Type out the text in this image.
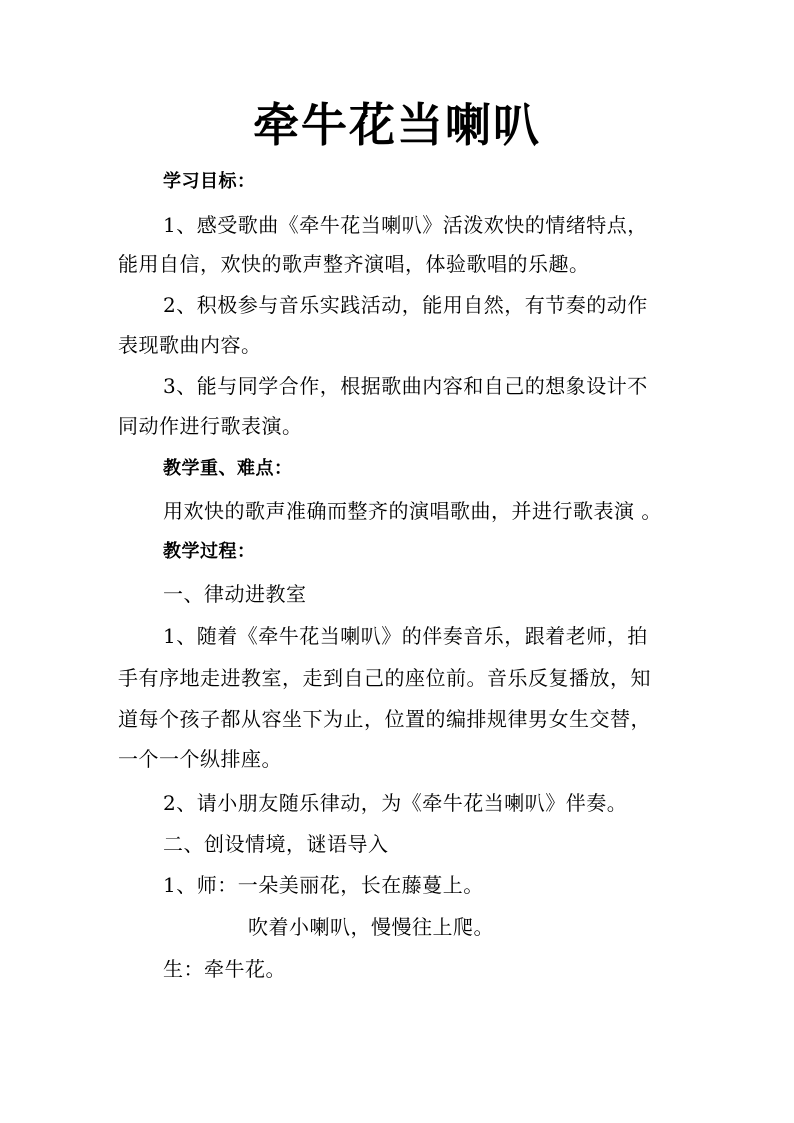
牵牛花当喇叭
学习目标：
1、感受歌曲《牵牛花当喇叭》活泼欢快的情绪特点，
能用自信，欢快的歌声整齐演唱，体验歌唱的乐趣。
2、积极参与音乐实践活动，能用自然，有节奏的动作
表现歌曲内容。
3、能与同学合作，根据歌曲内容和自己的想象设计不
同动作进行歌表演。
教学重、难点：
用欢快的歌声准确而整齐的演唱歌曲，并进行歌表演 。
教学过程：
一、律动进教室
1、随着《牵牛花当喇叭》的伴奏音乐，跟着老师，拍
手有序地走进教室，走到自己的座位前。音乐反复播放，知
道每个孩子都从容坐下为止，位置的编排规律男女生交替，
一个一个纵排座。
2、请小朋友随乐律动，为《牵牛花当喇叭》伴奏。
二、创设情境，谜语导入
1、师：一朵美丽花，长在藤蔓上。
吹着小喇叭，慢慢往上爬。
生：牵牛花。
